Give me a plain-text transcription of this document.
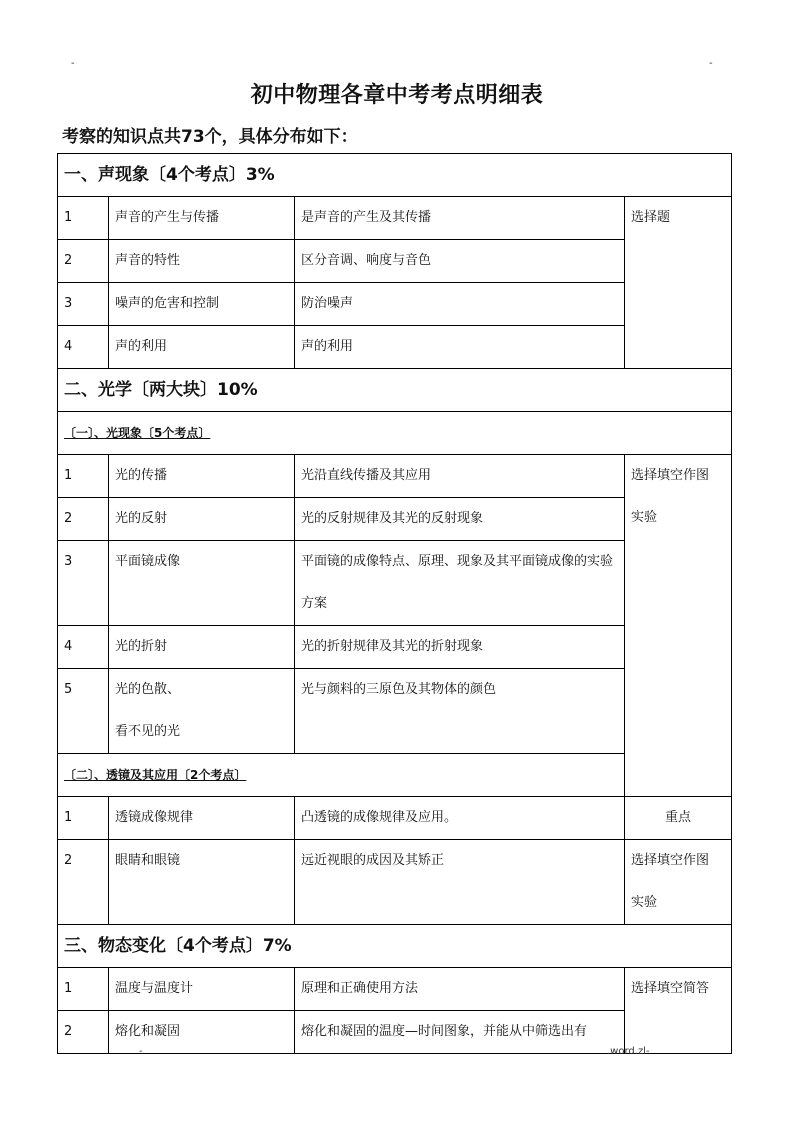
-	-
初中物理各章中考考点明细表
考察的知识点共73个，具体分布如下：
一、声现象〔4个考点〕3%			
1	声音的产生与传播	是声音的产生及其传播	选择题
2	声音的特性	区分音调、响度与音色	
3	噪声的危害和控制	防治噪声	
4	声的利用	声的利用	
二、光学〔两大块〕10%			
〔一〕、光现象〔5个考点〕			
1	光的传播	光沿直线传播及其应用	选择填空作图
实验

2	光的反射	光的反射规律及其光的反射现象	
3	平面镜成像	平面镜的成像特点、原理、现象及其平面镜成像的实验方案	
4	光的折射	光的折射规律及其光的折射现象	
5	光的色散、
看不见的光	光与颜料的三原色及其物体的颜色	
〔二〕、透镜及其应用〔2个考点〕			
1	透镜成像规律	凸透镜的成像规律及应用。	重点
2	眼睛和眼镜	远近视眼的成因及其矫正	选择填空作图
实验

三、物态变化〔4个考点〕7%			
1	温度与温度计	原理和正确使用方法	选择填空简答
2	熔化和凝固	熔化和凝固的温度—时间图象，并能从中筛选出有	
-	.word.zl-
